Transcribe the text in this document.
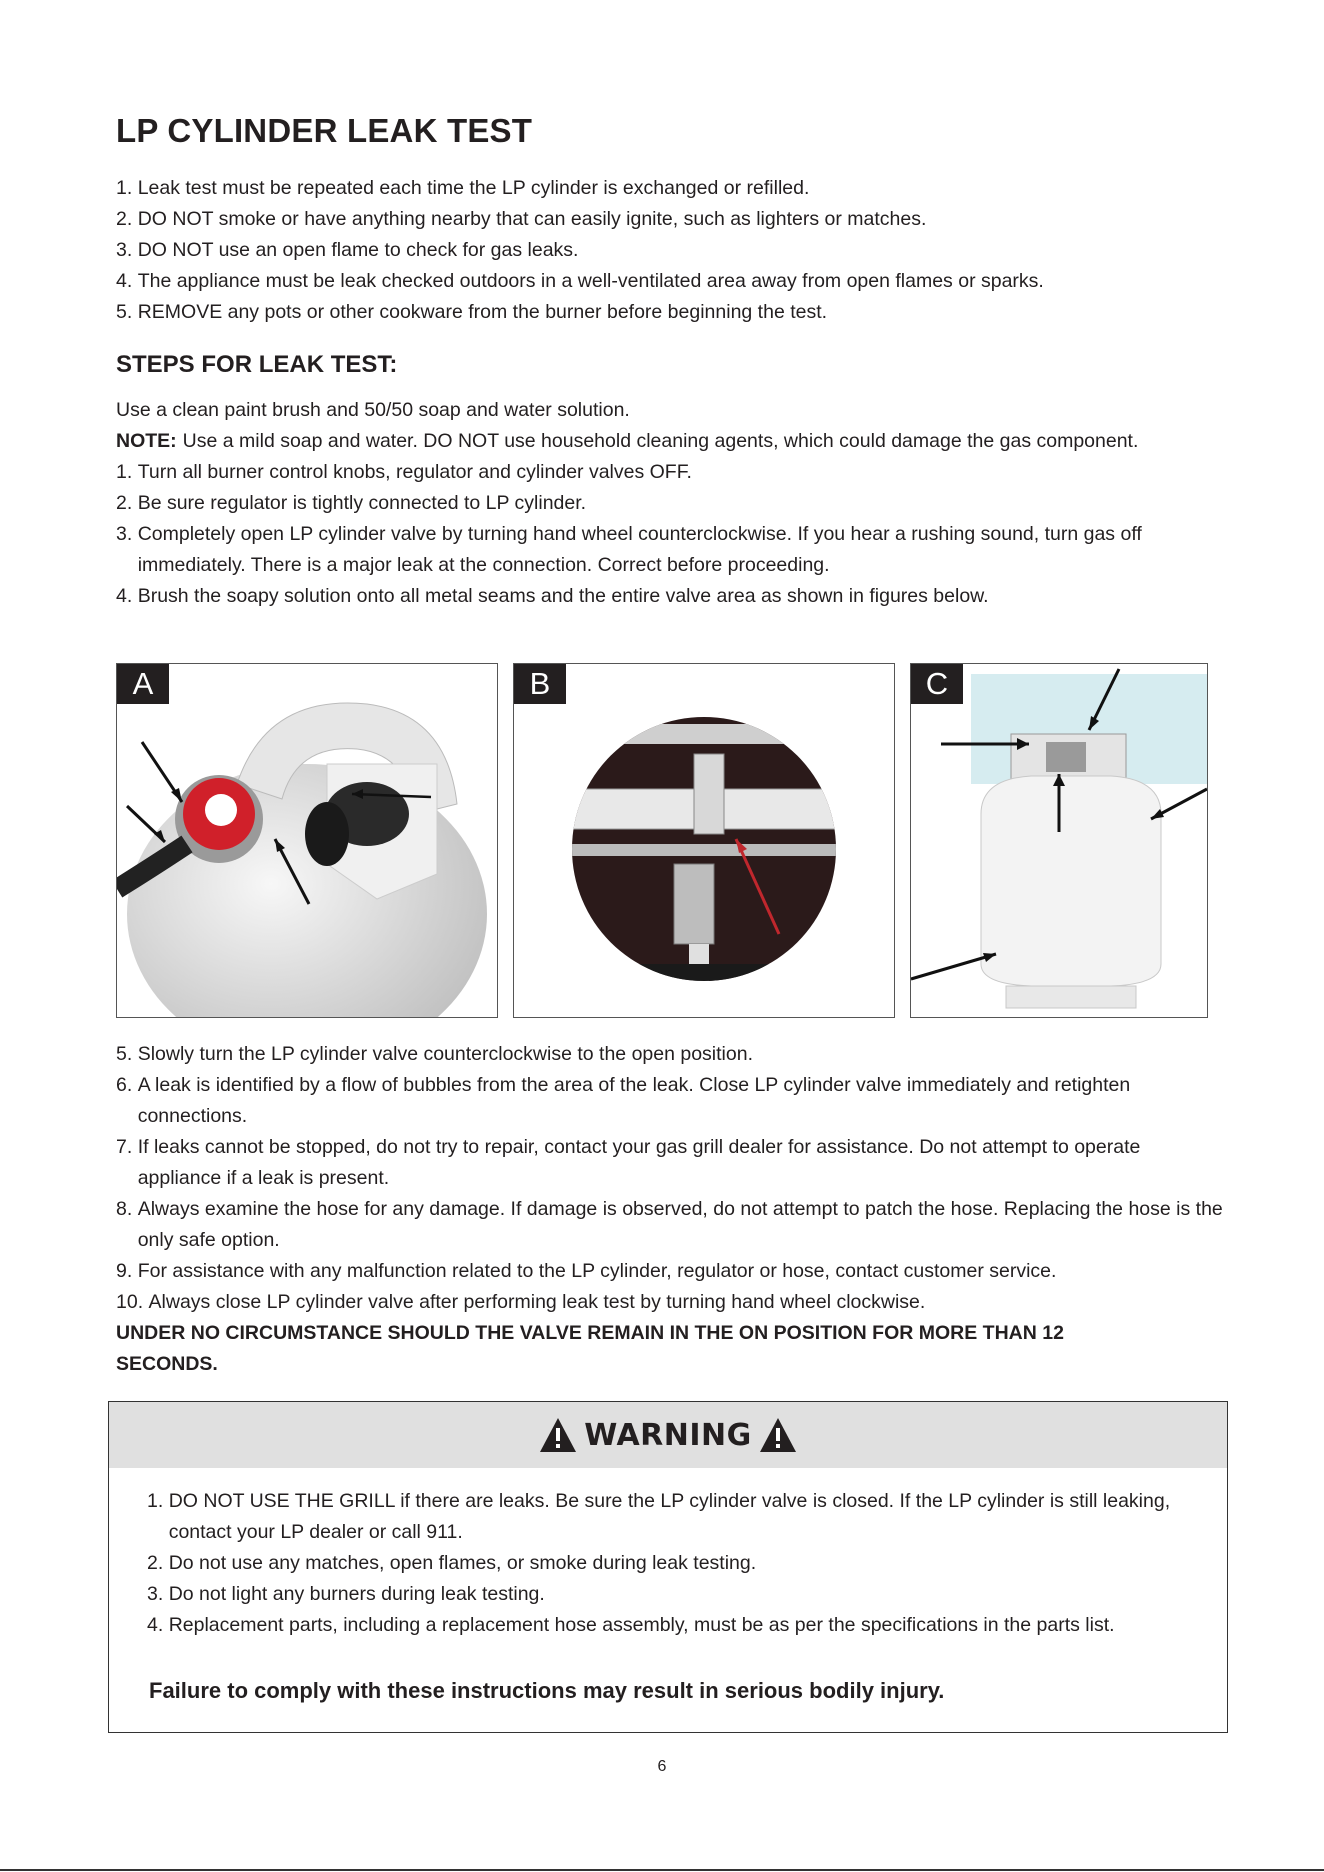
LP CYLINDER LEAK TEST
1. Leak test must be repeated each time the LP cylinder is exchanged or refilled.
2. DO NOT smoke or have anything nearby that can easily ignite, such as lighters or matches.
3. DO NOT use an open flame to check for gas leaks.
4. The appliance must be leak checked outdoors in a well-ventilated area away from open flames or sparks.
5. REMOVE any pots or other cookware from the burner before beginning the test.
STEPS FOR LEAK TEST:
Use a clean paint brush and 50/50 soap and water solution.
NOTE: Use a mild soap and water. DO NOT use household cleaning agents, which could damage the gas component.
1. Turn all burner control knobs, regulator and cylinder valves OFF.
2. Be sure regulator is tightly connected to LP cylinder.
3. Completely open LP cylinder valve by turning hand wheel counterclockwise. If you hear a rushing sound, turn gas off immediately. There is a major leak at the connection. Correct before proceeding.
4. Brush the soapy solution onto all metal seams and the entire valve area as shown in figures below.
A	B	C
5. Slowly turn the LP cylinder valve counterclockwise to the open position.
6. A leak is identified by a flow of bubbles from the area of the leak. Close LP cylinder valve immediately and retighten connections.
7. If leaks cannot be stopped, do not try to repair, contact your gas grill dealer for assistance. Do not attempt to operate appliance if a leak is present.
8. Always examine the hose for any damage. If damage is observed, do not attempt to patch the hose. Replacing the hose is the only safe option.
9. For assistance with any malfunction related to the LP cylinder, regulator or hose, contact customer service.
10. Always close LP cylinder valve after performing leak test by turning hand wheel clockwise.
UNDER NO CIRCUMSTANCE SHOULD THE VALVE REMAIN IN THE ON POSITION FOR MORE THAN 12 SECONDS.
WARNING
1. DO NOT USE THE GRILL if there are leaks. Be sure the LP cylinder valve is closed. If the LP cylinder is still leaking, contact your LP dealer or call 911.
2. Do not use any matches, open flames, or smoke during leak testing.
3. Do not light any burners during leak testing.
4. Replacement parts, including a replacement hose assembly, must be as per the specifications in the parts list.
Failure to comply with these instructions may result in serious bodily injury.
6
